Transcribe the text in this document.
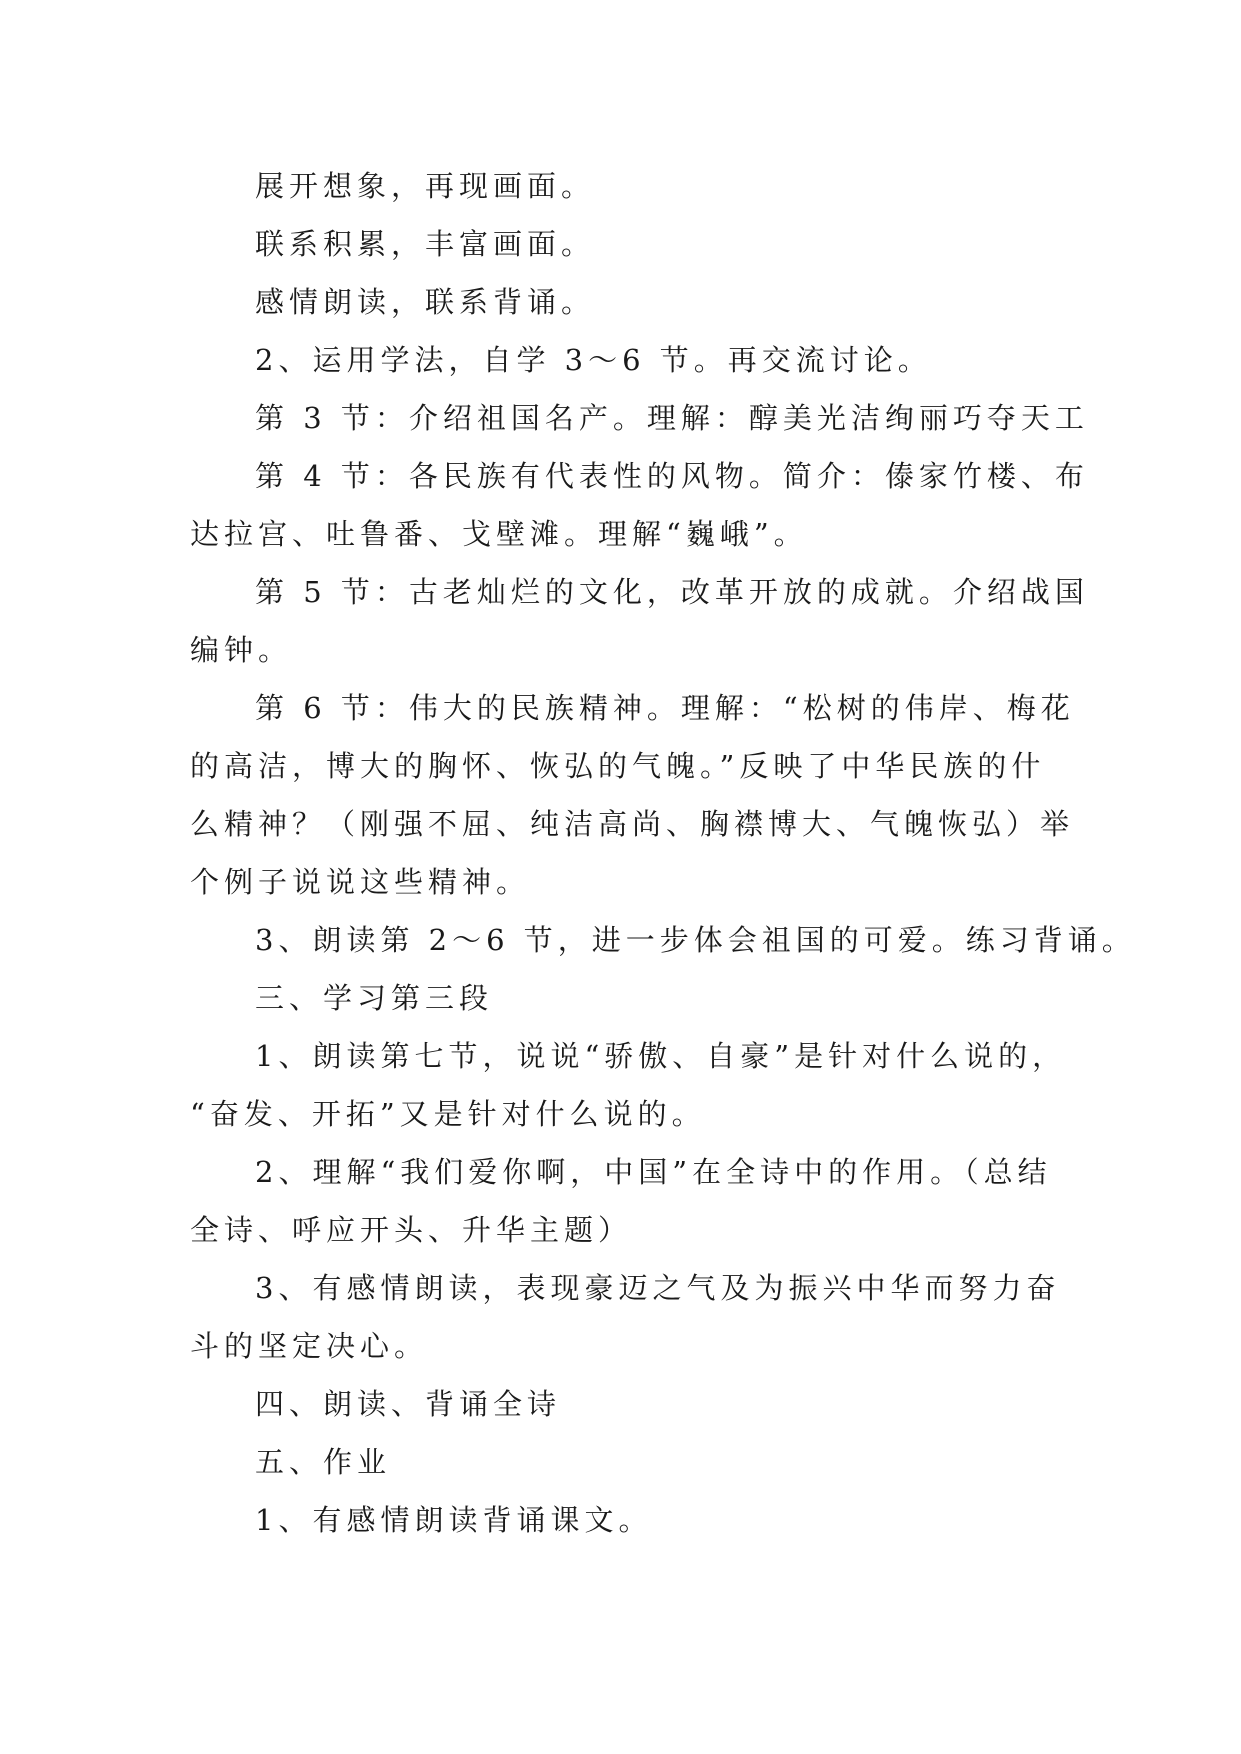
展开想象，再现画面。
联系积累，丰富画面。
感情朗读，联系背诵。
2、运用学法，自学 3～6 节。再交流讨论。
第 3 节：介绍祖国名产。理解：醇美光洁绚丽巧夺天工
第 4 节：各民族有代表性的风物。简介：傣家竹楼、布
达拉宫、吐鲁番、戈壁滩。理解“巍峨”。
第 5 节：古老灿烂的文化，改革开放的成就。介绍战国
编钟。
第 6 节：伟大的民族精神。理解：“松树的伟岸、梅花
的高洁，博大的胸怀、恢弘的气魄。”反映了中华民族的什
么精神？（刚强不屈、纯洁高尚、胸襟博大、气魄恢弘）举
个例子说说这些精神。
3、朗读第 2～6 节，进一步体会祖国的可爱。练习背诵。
三、学习第三段
1、朗读第七节，说说“骄傲、自豪”是针对什么说的，
“奋发、开拓”又是针对什么说的。
2、理解“我们爱你啊，中国”在全诗中的作用。（总结
全诗、呼应开头、升华主题）
3、有感情朗读，表现豪迈之气及为振兴中华而努力奋
斗的坚定决心。
四、朗读、背诵全诗
五、作业
1、有感情朗读背诵课文。
